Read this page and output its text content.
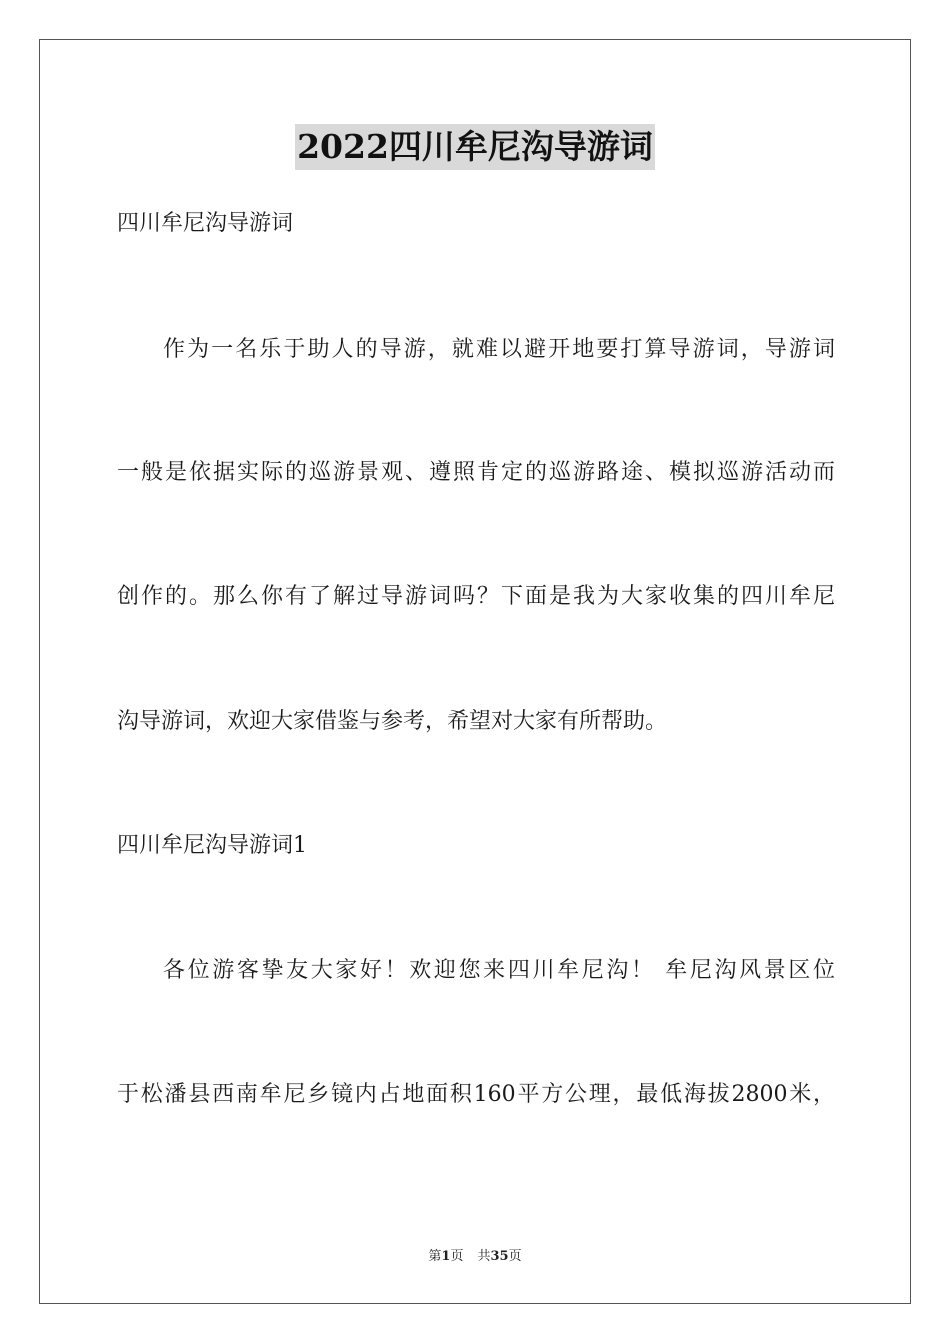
2022四川牟尼沟导游词
四川牟尼沟导游词
作为一名乐于助人的导游，就难以避开地要打算导游词，导游词
一般是依据实际的巡游景观、遵照肯定的巡游路途、模拟巡游活动而
创作的。那么你有了解过导游词吗？下面是我为大家收集的四川牟尼
沟导游词，欢迎大家借鉴与参考，希望对大家有所帮助。
四川牟尼沟导游词1
各位游客挚友大家好！欢迎您来四川牟尼沟！ 牟尼沟风景区位
于松潘县西南牟尼乡镜内占地面积160平方公理，最低海拔2800米，
第1页 共35页
